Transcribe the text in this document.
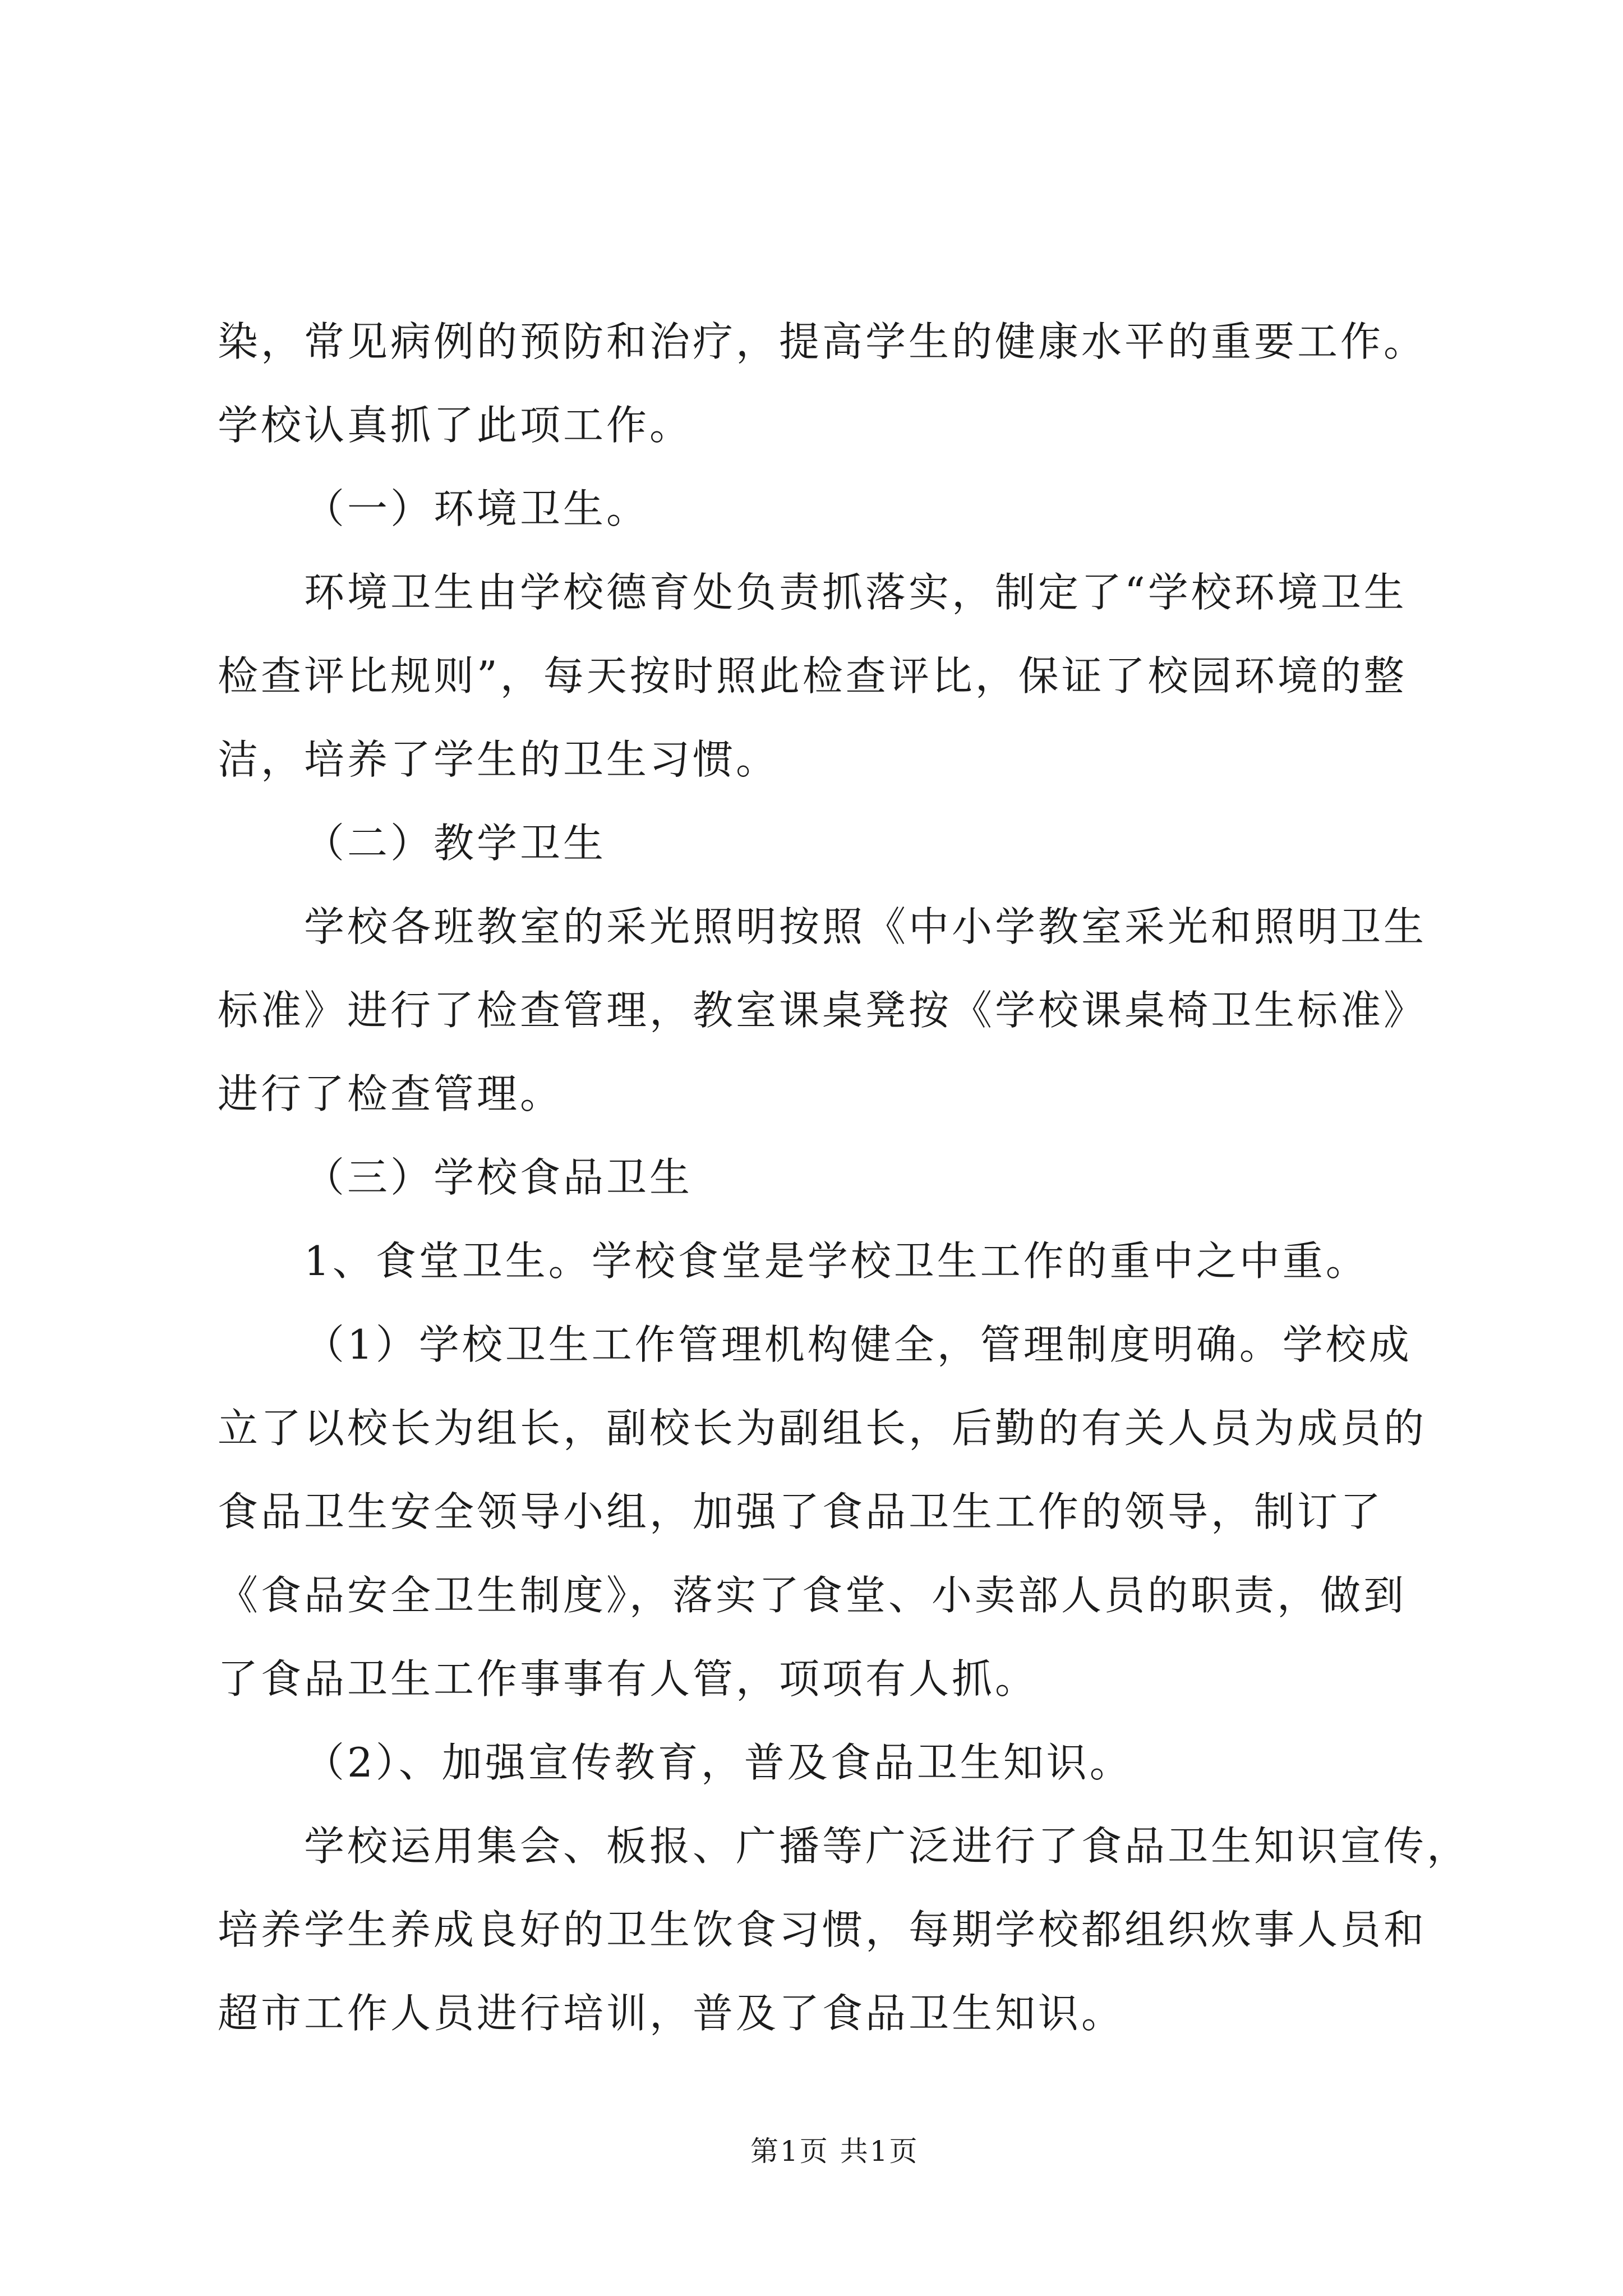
染，常见病例的预防和治疗，提高学生的健康水平的重要工作。
学校认真抓了此项工作。
（一）环境卫生。
环境卫生由学校德育处负责抓落实，制定了“学校环境卫生
检查评比规则”，每天按时照此检查评比，保证了校园环境的整
洁，培养了学生的卫生习惯。
（二）教学卫生
学校各班教室的采光照明按照《中小学教室采光和照明卫生
标准》进行了检查管理，教室课桌凳按《学校课桌椅卫生标准》
进行了检查管理。
（三）学校食品卫生
1、食堂卫生。学校食堂是学校卫生工作的重中之中重。
（1）学校卫生工作管理机构健全，管理制度明确。学校成
立了以校长为组长，副校长为副组长，后勤的有关人员为成员的
食品卫生安全领导小组，加强了食品卫生工作的领导，制订了
《食品安全卫生制度》，落实了食堂、小卖部人员的职责，做到
了食品卫生工作事事有人管，项项有人抓。
（2）、加强宣传教育，普及食品卫生知识。
学校运用集会、板报、广播等广泛进行了食品卫生知识宣传，
培养学生养成良好的卫生饮食习惯，每期学校都组织炊事人员和
超市工作人员进行培训，普及了食品卫生知识。
第1页 共1页
